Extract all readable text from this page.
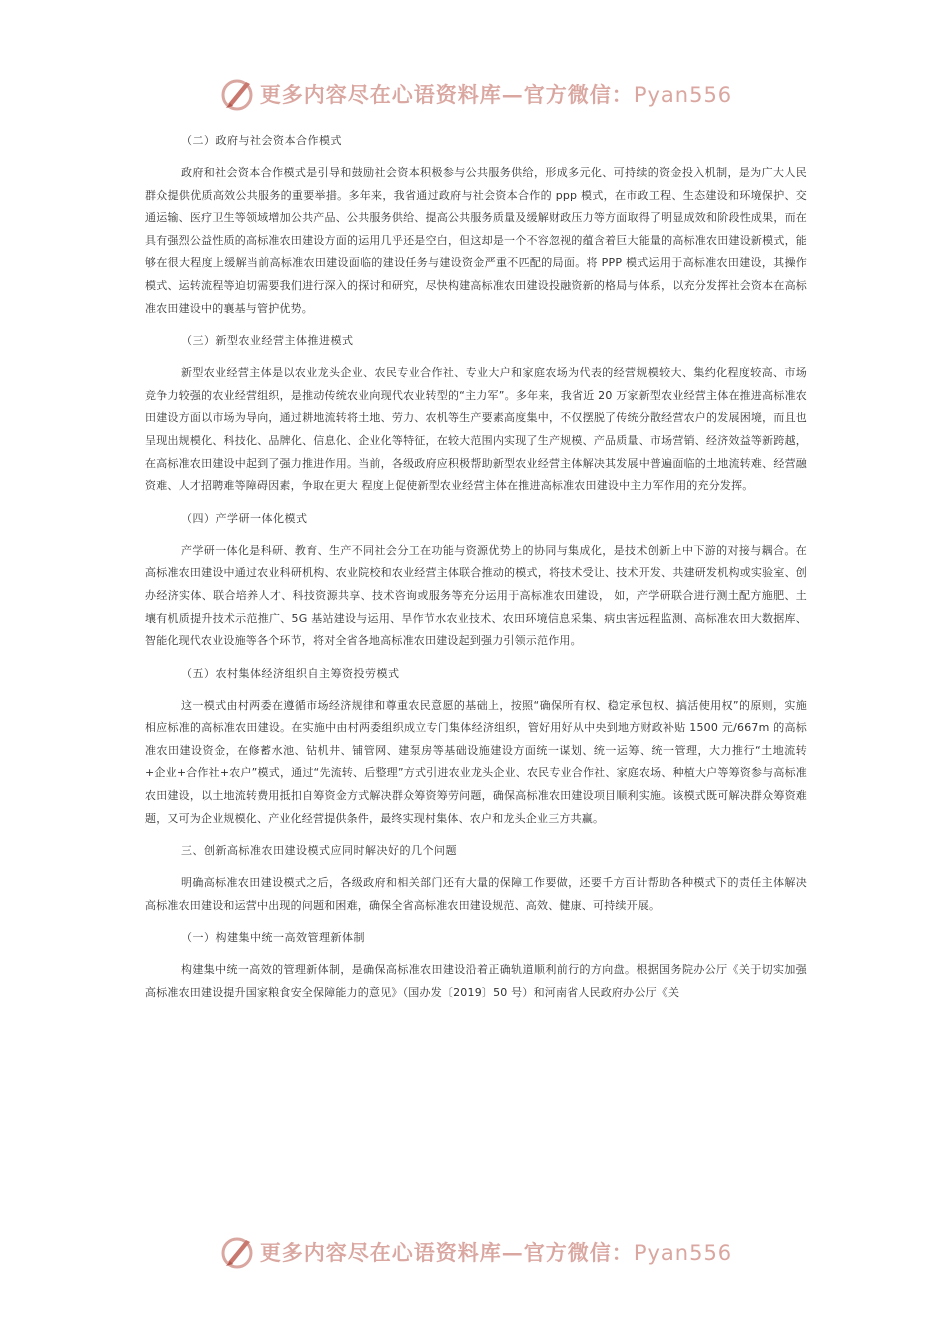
更多内容尽在心语资料库—官方微信：Pyan556
（二）政府与社会资本合作模式
政府和社会资本合作模式是引导和鼓励社会资本积极参与公共服务供给，形成多元化、可持续的资金投入机制，是为广大人民群众提供优质高效公共服务的重要举措。多年来，我省通过政府与社会资本合作的 ppp 模式，在市政工程、生态建设和环境保护、交通运输、医疗卫生等领域增加公共产品、公共服务供给、提高公共服务质量及缓解财政压力等方面取得了明显成效和阶段性成果，而在具有强烈公益性质的高标准农田建设方面的运用几乎还是空白，但这却是一个不容忽视的蕴含着巨大能量的高标准农田建设新模式，能够在很大程度上缓解当前高标准农田建设面临的建设任务与建设资金严重不匹配的局面。将 PPP 模式运用于高标准农田建设，其操作模式、运转流程等迫切需要我们进行深入的探讨和研究，尽快构建高标准农田建设投融资新的格局与体系，以充分发挥社会资本在高标准农田建设中的襄基与管护优势。
（三）新型农业经营主体推进模式
新型农业经营主体是以农业龙头企业、农民专业合作社、专业大户和家庭农场为代表的经营规模较大、集约化程度较高、市场竞争力较强的农业经营组织，是推动传统农业向现代农业转型的“主力军”。多年来，我省近 20 万家新型农业经营主体在推进高标准农田建设方面以市场为导向，通过耕地流转将土地、劳力、农机等生产要素高度集中，不仅摆脱了传统分散经营农户的发展困境，而且也呈现出规模化、科技化、品牌化、信息化、企业化等特征，在较大范围内实现了生产规模、产品质量、市场营销、经济效益等新跨越，在高标准农田建设中起到了强力推进作用。当前，各级政府应积极帮助新型农业经营主体解决其发展中普遍面临的土地流转难、经营融资难、人才招聘难等障碍因素，争取在更大 程度上促使新型农业经营主体在推进高标准农田建设中主力军作用的充分发挥。
（四）产学研一体化模式
产学研一体化是科研、教育、生产不同社会分工在功能与资源优势上的协同与集成化，是技术创新上中下游的对接与耦合。在高标准农田建设中通过农业科研机构、农业院校和农业经营主体联合推动的模式，将技术受让、技术开发、共建研发机构或实验室、创办经济实体、联合培养人才、科技资源共享、技术咨询或服务等充分运用于高标准农田建设， 如，产学研联合进行测土配方施肥、土壤有机质提升技术示范推广、5G 基站建设与运用、旱作节水农业技术、农田环境信息采集、病虫害远程监测、高标准农田大数据库、智能化现代农业设施等各个环节，将对全省各地高标准农田建设起到强力引领示范作用。
（五）农村集体经济组织自主筹资投劳模式
这一模式由村两委在遵循市场经济规律和尊重农民意愿的基础上，按照“确保所有权、稳定承包权、搞活使用权”的原则，实施相应标准的高标准农田建设。在实施中由村两委组织成立专门集体经济组织，管好用好从中央到地方财政补贴 1500 元/667m 的高标准农田建设资金，在修蓄水池、钻机井、铺管网、建泵房等基础设施建设方面统一谋划、统一运筹、统一管理，大力推行“土地流转+企业+合作社+农户”模式，通过“先流转、后整理”方式引进农业龙头企业、农民专业合作社、家庭农场、种植大户等筹资参与高标准农田建设，以土地流转费用抵扣自筹资金方式解决群众筹资筹劳问题，确保高标准农田建设项目顺利实施。该模式既可解决群众筹资难题，又可为企业规模化、产业化经营提供条件，最终实现村集体、农户和龙头企业三方共赢。
三、创新高标准农田建设模式应同时解决好的几个问题
明确高标准农田建设模式之后，各级政府和相关部门还有大量的保障工作要做，还要千方百计帮助各种模式下的责任主体解决高标准农田建设和运营中出现的问题和困难，确保全省高标准农田建设规范、高效、健康、可持续开展。
（一）构建集中统一高效管理新体制
构建集中统一高效的管理新体制，是确保高标准农田建设沿着正确轨道顺利前行的方向盘。根据国务院办公厅《关于切实加强高标准农田建设提升国家粮食安全保障能力的意见》（国办发〔2019〕50 号）和河南省人民政府办公厅《关
更多内容尽在心语资料库—官方微信：Pyan556
